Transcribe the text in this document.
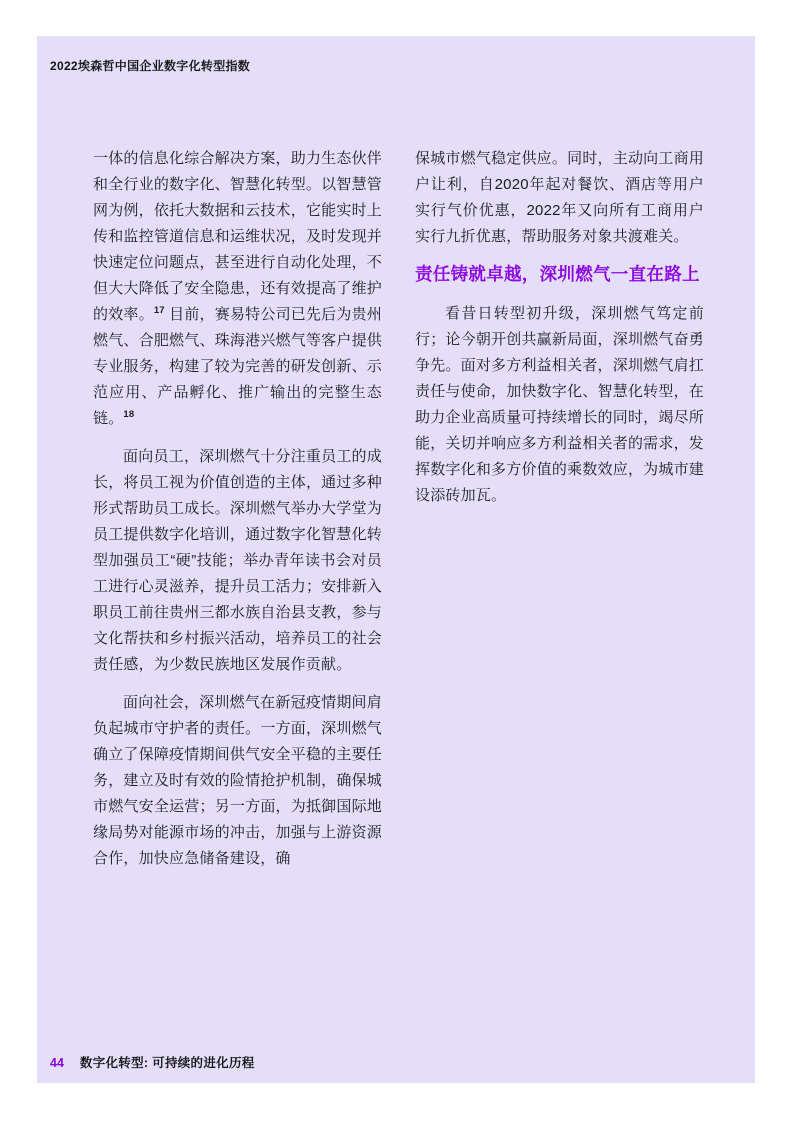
2022埃森哲中国企业数字化转型指数

一体的信息化综合解决方案，助力生态伙伴和全行业的数字化、智慧化转型。以智慧管网为例，依托大数据和云技术，它能实时上传和监控管道信息和运维状况，及时发现并快速定位问题点，甚至进行自动化处理，不但大大降低了安全隐患，还有效提高了维护的效率。$^{17}$ 目前，赛易特公司已先后为贵州燃气、合肥燃气、珠海港兴燃气等客户提供专业服务，构建了较为完善的研发创新、示范应用、产品孵化、推广输出的完整生态链。$^{18}$

面向员工，深圳燃气十分注重员工的成长，将员工视为价值创造的主体，通过多种形式帮助员工成长。深圳燃气举办大学堂为员工提供数字化培训，通过数字化智慧化转型加强员工“硬”技能；举办青年读书会对员工进行心灵滋养，提升员工活力；安排新入职员工前往贵州三都水族自治县支教，参与文化帮扶和乡村振兴活动，培养员工的社会责任感，为少数民族地区发展作贡献。

面向社会，深圳燃气在新冠疫情期间肩负起城市守护者的责任。一方面，深圳燃气确立了保障疫情期间供气安全平稳的主要任务，建立及时有效的险情抢护机制，确保城市燃气安全运营；另一方面，为抵御国际地缘局势对能源市场的冲击，加强与上游资源合作，加快应急储备建设，确

保城市燃气稳定供应。同时，主动向工商用户让利，自2020年起对餐饮、酒店等用户实行气价优惠，2022年又向所有工商用户实行九折优惠，帮助服务对象共渡难关。

责任铸就卓越，深圳燃气一直在路上

看昔日转型初升级，深圳燃气笃定前行；论今朝开创共赢新局面，深圳燃气奋勇争先。面对多方利益相关者，深圳燃气肩扛责任与使命，加快数字化、智慧化转型，在助力企业高质量可持续增长的同时，竭尽所能，关切并响应多方利益相关者的需求，发挥数字化和多方价值的乘数效应，为城市建设添砖加瓦。

44 数字化转型: 可持续的进化历程
